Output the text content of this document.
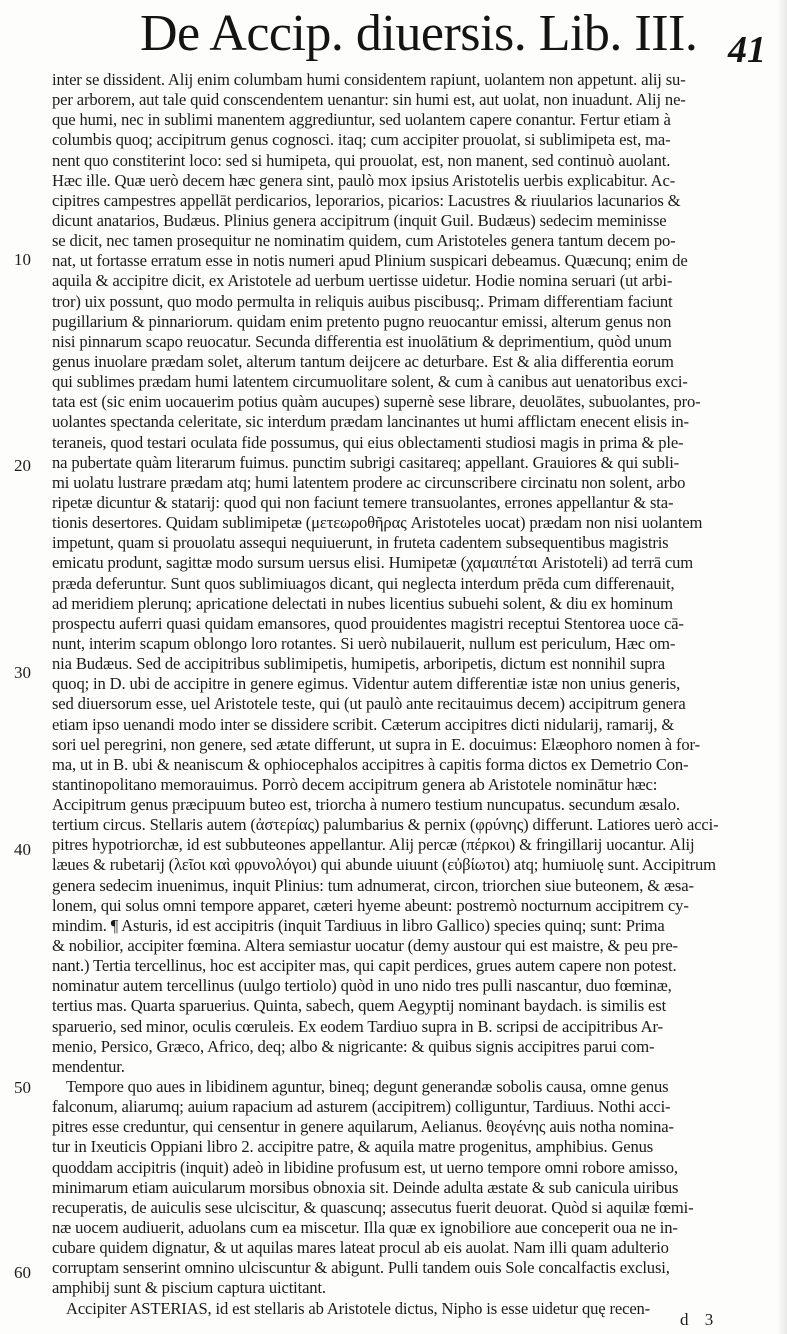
De Accip. diuersis. Lib. III. 41
10
20
30
40
50
60
inter se dissident. Alij enim columbam humi considentem rapiunt, uolantem non appetunt. alij su-
per arborem, aut tale quid conscendentem uenantur: sin humi est, aut uolat, non inuadunt. Alij ne-
que humi, nec in sublimi manentem aggrediuntur, sed uolantem capere conantur. Fertur etiam à
columbis quoq; accipitrum genus cognosci. itaq; cum accipiter prouolat, si sublimipeta est, ma-
nent quo constiterint loco: sed si humipeta, qui prouolat, est, non manent, sed continuò auolant.
Hæc ille. Quæ uerò decem hæc genera sint, paulò mox ipsius Aristotelis uerbis explicabitur. Ac-
cipitres campestres appellāt perdicarios, leporarios, picarios: Lacustres & riuularios lacunarios &
dicunt anatarios, Budæus. Plinius genera accipitrum (inquit Guil. Budæus) sedecim meminisse
se dicit, nec tamen prosequitur ne nominatim quidem, cum Aristoteles genera tantum decem po-
nat, ut fortasse erratum esse in notis numeri apud Plinium suspicari debeamus. Quæcunq; enim de
aquila & accipitre dicit, ex Aristotele ad uerbum uertisse uidetur. Hodie nomina seruari (ut arbi-
tror) uix possunt, quo modo permulta in reliquis auibus piscibusq;. Primam differentiam faciunt
pugillarium & pinnariorum. quidam enim pretento pugno reuocantur emissi, alterum genus non
nisi pinnarum scapo reuocatur. Secunda differentia est inuolātium & deprimentium, quòd unum
genus inuolare prædam solet, alterum tantum deijcere ac deturbare. Est & alia differentia eorum
qui sublimes prædam humi latentem circumuolitare solent, & cum à canibus aut uenatoribus exci-
tata est (sic enim uocauerim potius quàm aucupes) supernè sese librare, deuolātes, subuolantes, pro-
uolantes spectanda celeritate, sic interdum prædam lancinantes ut humi afflictam enecent elisis in-
teraneis, quod testari oculata fide possumus, qui eius oblectamenti studiosi magis in prima & ple-
na pubertate quàm literarum fuimus. punctim subrigi casitareq; appellant. Grauiores & qui subli-
mi uolatu lustrare prædam atq; humi latentem prodere ac circunscribere circinatu non solent, arbo
ripetæ dicuntur & statarij: quod qui non faciunt temere transuolantes, errones appellantur & sta-
tionis desertores. Quidam sublimipetæ (μετεωροθῆρας Aristoteles uocat) prædam non nisi uolantem
impetunt, quam si prouolatu assequi nequiuerunt, in fruteta cadentem subsequentibus magistris
emicatu produnt, sagittæ modo sursum uersus elisi. Humipetæ (χαμαιπέται Aristoteli) ad terrā cum
præda deferuntur. Sunt quos sublimiuagos dicant, qui neglecta interdum prēda cum differenauit,
ad meridiem plerunq; apricatione delectati in nubes licentius subuehi solent, & diu ex hominum
prospectu auferri quasi quidam emansores, quod prouidentes magistri receptui Stentorea uoce cā-
nunt, interim scapum oblongo loro rotantes. Si uerò nubilauerit, nullum est periculum, Hæc om-
nia Budæus. Sed de accipitribus sublimipetis, humipetis, arboripetis, dictum est nonnihil supra
quoq; in D. ubi de accipitre in genere egimus. Videntur autem differentiæ istæ non unius generis,
sed diuersorum esse, uel Aristotele teste, qui (ut paulò ante recitauimus decem) accipitrum genera
etiam ipso uenandi modo inter se dissidere scribit. Cæterum accipitres dicti nidularij, ramarij, &
sori uel peregrini, non genere, sed ætate differunt, ut supra in E. docuimus: Elæophoro nomen à for-
ma, ut in B. ubi & neaniscum & ophiocephalos accipitres à capitis forma dictos ex Demetrio Con-
stantinopolitano memorauimus. Porrò decem accipitrum genera ab Aristotele nominātur hæc:
Accipitrum genus præcipuum buteo est, triorcha à numero testium nuncupatus. secundum æsalo.
tertium circus. Stellaris autem (ἀστερίας) palumbarius & pernix (φρύνης) differunt. Latiores uerò acci-
pitres hypotriorchæ, id est subbuteones appellantur. Alij percæ (πέρκοι) & fringillarij uocantur. Alij
læues & rubetarij (λεῖοι καὶ φρυνολόγοι) qui abunde uiuunt (εὐβίωτοι) atq; humiuolę sunt. Accipitrum
genera sedecim inuenimus, inquit Plinius: tum adnumerat, circon, triorchen siue buteonem, & æsa-
lonem, qui solus omni tempore apparet, cæteri hyeme abeunt: postremò nocturnum accipitrem cy-
mindim. ¶ Asturis, id est accipitris (inquit Tardiuus in libro Gallico) species quinq; sunt: Prima
& nobilior, accipiter fœmina. Altera semiastur uocatur (demy austour qui est maistre, & peu pre-
nant.) Tertia tercellinus, hoc est accipiter mas, qui capit perdices, grues autem capere non potest.
nominatur autem tercellinus (uulgo tertiolo) quòd in uno nido tres pulli nascantur, duo fœminæ,
tertius mas. Quarta sparuerius. Quinta, sabech, quem Aegyptij nominant baydach. is similis est
sparuerio, sed minor, oculis cœruleis. Ex eodem Tardiuo supra in B. scripsi de accipitribus Ar-
menio, Persico, Græco, Africo, deq; albo & nigricante: & quibus signis accipitres parui com-
mendentur.
Tempore quo aues in libidinem aguntur, bineq; degunt generandæ sobolis causa, omne genus
falconum, aliarumq; auium rapacium ad asturem (accipitrem) colliguntur, Tardiuus. Nothi acci-
pitres esse creduntur, qui censentur in genere aquilarum, Aelianus. θεογένης auis notha nomina-
tur in Ixeuticis Oppiani libro 2. accipitre patre, & aquila matre progenitus, amphibius. Genus
quoddam accipitris (inquit) adeò in libidine profusum est, ut uerno tempore omni robore amisso,
minimarum etiam auicularum morsibus obnoxia sit. Deinde adulta æstate & sub canicula uiribus
recuperatis, de auiculis sese ulciscitur, & quascunq; assecutus fuerit deuorat. Quòd si aquilæ fœmi-
næ uocem audiuerit, aduolans cum ea miscetur. Illa quæ ex ignobiliore aue conceperit oua ne in-
cubare quidem dignatur, & ut aquilas mares lateat procul ab eis auolat. Nam illi quam adulterio
corruptam senserint omnino ulciscuntur & abigunt. Pulli tandem ouis Sole concalfactis exclusi,
amphibij sunt & piscium captura uictitant.
Accipiter ASTERIAS, id est stellaris ab Aristotele dictus, Nipho is esse uidetur quę recen-
d 3
